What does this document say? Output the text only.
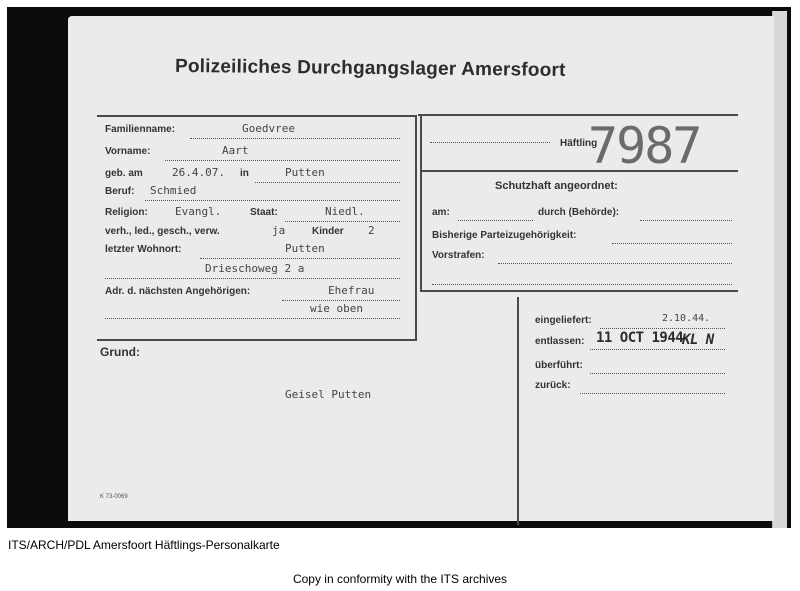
Polizeiliches Durchgangslager Amersfoort
Familienname:	Goedvree
Vorname:	Aart
geb. am	26.4.07. in	Putten
Beruf: Schmied
Religion: Evangl.	Staat:	Niedl.
verh., led., gesch., verw.	ja	Kinder 2
letzter Wohnort:	Putten
Drieschoweg 2 a
Adr. d. nächsten Angehörigen:	Ehefrau
wie oben
Häftling
7987
Schutzhaft angeordnet:
am:	durch (Behörde):
Bisherige Parteizugehörigkeit:
Vorstrafen:
Grund:
Geisel Putten
eingeliefert:	2.10.44.
entlassen: 11 OCT 1944
KL N
überführt:
zurück:
K 73-0069
ITS/ARCH/PDL Amersfoort Häftlings-Personalkarte
Copy in conformity with the ITS archives
